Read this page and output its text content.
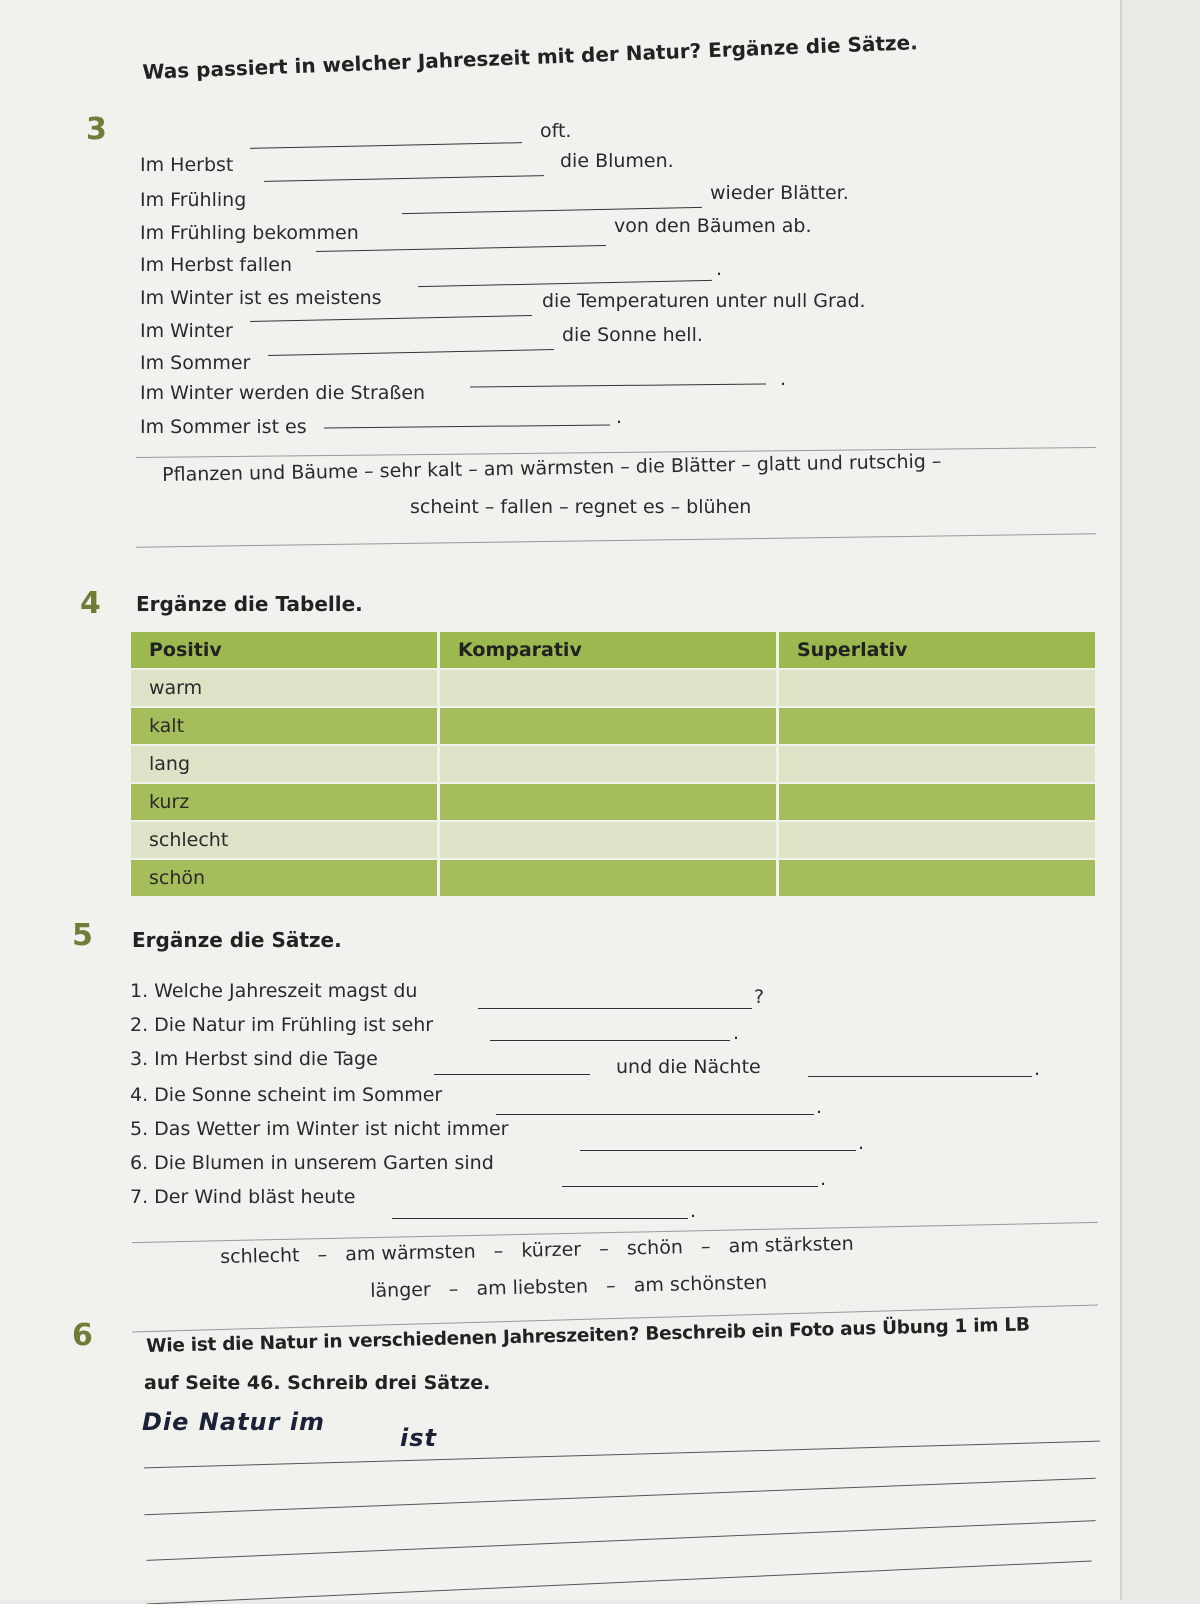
3
Was passiert in welcher Jahreszeit mit der Natur? Ergänze die Sätze.
oft.
Im Herbst	die Blumen.
Im Frühling	wieder Blätter.
Im Frühling bekommen	von den Bäumen ab.
Im Herbst fallen	.
Im Winter ist es meistens	die Temperaturen unter null Grad.
Im Winter	die Sonne hell.
Im Sommer
Im Winter werden die Straßen
.
Im Sommer ist es	.
Pflanzen und Bäume – sehr kalt – am wärmsten – die Blätter – glatt und rutschig –
scheint – fallen – regnet es – blühen
4 Ergänze die Tabelle.
Positiv	Komparativ	Superlativ
warm		
kalt		
lang		
kurz		
schlecht		
schön		
5 Ergänze die Sätze.
1. Welche Jahreszeit magst du	?
2. Die Natur im Frühling ist sehr	.
3. Im Herbst sind die Tage	und die Nächte	.
4. Die Sonne scheint im Sommer
.
5. Das Wetter im Winter ist nicht immer
.
6. Die Blumen in unserem Garten sind
.
7. Der Wind bläst heute
.
schlecht   –   am wärmsten   –   kürzer   –   schön   –   am stärksten
länger   –   am liebsten   –   am schönsten
6	Wie ist die Natur in verschiedenen Jahreszeiten? Beschreib ein Foto aus Übung 1 im LB
auf Seite 46. Schreib drei Sätze.
Die Natur im
ist
